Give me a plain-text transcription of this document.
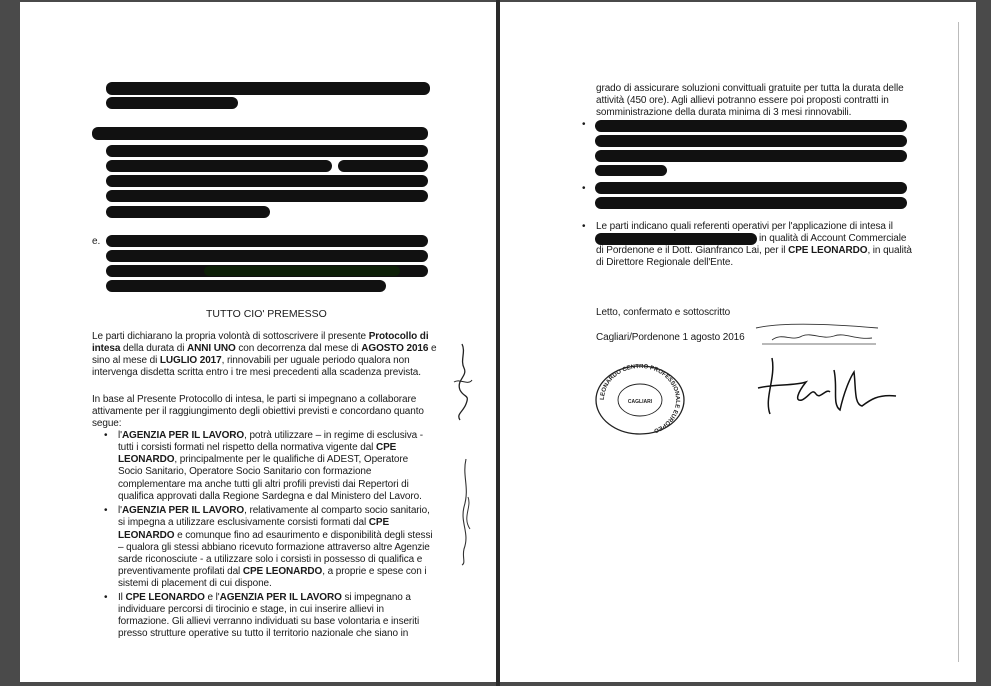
e.
TUTTO CIO' PREMESSO
Le parti dichiarano la propria volontà di sottoscrivere il presente Protocollo di
intesa della durata di ANNI UNO con decorrenza dal mese di AGOSTO 2016 e
sino al mese di LUGLIO 2017, rinnovabili per uguale periodo qualora non
intervenga disdetta scritta entro i tre mesi precedenti alla scadenza prevista.
In base al Presente Protocollo di intesa, le parti si impegnano a collaborare
attivamente per il raggiungimento degli obiettivi previsti e concordano quanto
segue:
• l'AGENZIA PER IL LAVORO, potrà utilizzare – in regime di esclusiva -
tutti i corsisti formati nel rispetto della normativa vigente dal CPE
LEONARDO, principalmente per le qualifiche di ADEST, Operatore
Socio Sanitario, Operatore Socio Sanitario con formazione
complementare ma anche tutti gli altri profili previsti dai Repertori di
qualifica approvati dalla Regione Sardegna e dal Ministero del Lavoro.
• l'AGENZIA PER IL LAVORO, relativamente al comparto socio sanitario,
si impegna a utilizzare esclusivamente corsisti formati dal CPE
LEONARDO e comunque fino ad esaurimento e disponibilità degli stessi
– qualora gli stessi abbiano ricevuto formazione attraverso altre Agenzie
sarde riconosciute - a utilizzare solo i corsisti in possesso di qualifica e
preventivamente profilati dal CPE LEONARDO, a proprie e spese con i
sistemi di placement di cui dispone.
• Il CPE LEONARDO e l'AGENZIA PER IL LAVORO si impegnano a
individuare percorsi di tirocinio e stage, in cui inserire allievi in
formazione. Gli allievi verranno individuati su base volontaria e inseriti
presso strutture operative su tutto il territorio nazionale che siano in
grado di assicurare soluzioni convittuali gratuite per tutta la durata delle
attività (450 ore). Agli allievi potranno essere poi proposti contratti in
somministrazione della durata minima di 3 mesi rinnovabili.
•
•
• Le parti indicano quali referenti operativi per l'applicazione di intesa il
in qualità di Account Commerciale
di Pordenone e il Dott. Gianfranco Lai, per il CPE LEONARDO, in qualità
di Direttore Regionale dell'Ente.
Letto, confermato e sottoscritto
Cagliari/Pordenone 1 agosto 2016
LEONARDO CENTRO PROFESSIONALE EUROPEO
CAGLIARI
